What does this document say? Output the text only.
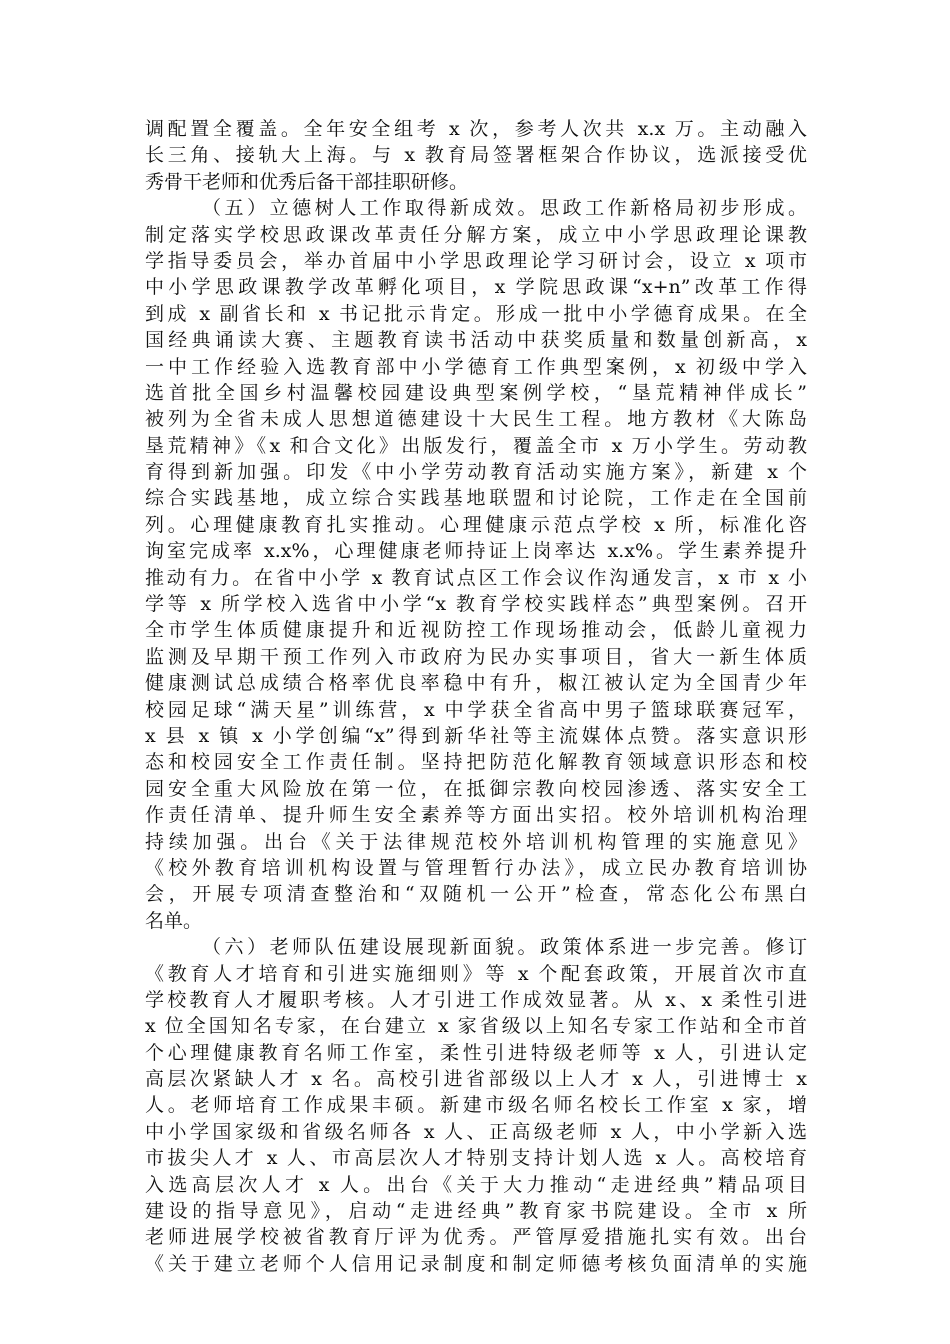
调配置全覆盖。全年安全组考 x 次，参考人次共 x.x 万。主动融入
长三角、接轨大上海。与 x 教育局签署框架合作协议，选派接受优
秀骨干老师和优秀后备干部挂职研修。
（五）立德树人工作取得新成效。思政工作新格局初步形成。
制定落实学校思政课改革责任分解方案，成立中小学思政理论课教
学指导委员会，举办首届中小学思政理论学习研讨会，设立 x 项市
中小学思政课教学改革孵化项目，x 学院思政课“x+n”改革工作得
到成 x 副省长和 x 书记批示肯定。形成一批中小学德育成果。在全
国经典诵读大赛、主题教育读书活动中获奖质量和数量创新高，x
一中工作经验入选教育部中小学德育工作典型案例，x 初级中学入
选首批全国乡村温馨校园建设典型案例学校，“垦荒精神伴成长”
被列为全省未成人思想道德建设十大民生工程。地方教材《大陈岛
垦荒精神》《x 和合文化》出版发行，覆盖全市 x 万小学生。劳动教
育得到新加强。印发《中小学劳动教育活动实施方案》，新建 x 个
综合实践基地，成立综合实践基地联盟和讨论院，工作走在全国前
列。心理健康教育扎实推动。心理健康示范点学校 x 所，标准化咨
询室完成率 x.x%，心理健康老师持证上岗率达 x.x%。学生素养提升
推动有力。在省中小学 x 教育试点区工作会议作沟通发言，x 市 x 小
学等 x 所学校入选省中小学“x 教育学校实践样态”典型案例。召开
全市学生体质健康提升和近视防控工作现场推动会，低龄儿童视力
监测及早期干预工作列入市政府为民办实事项目，省大一新生体质
健康测试总成绩合格率优良率稳中有升，椒江被认定为全国青少年
校园足球“满天星”训练营，x 中学获全省高中男子篮球联赛冠军，
x 县 x 镇 x 小学创编“x”得到新华社等主流媒体点赞。落实意识形
态和校园安全工作责任制。坚持把防范化解教育领域意识形态和校
园安全重大风险放在第一位，在抵御宗教向校园渗透、落实安全工
作责任清单、提升师生安全素养等方面出实招。校外培训机构治理
持续加强。出台《关于法律规范校外培训机构管理的实施意见》
《校外教育培训机构设置与管理暂行办法》，成立民办教育培训协
会，开展专项清查整治和“双随机一公开”检查，常态化公布黑白
名单。
（六）老师队伍建设展现新面貌。政策体系进一步完善。修订
《教育人才培育和引进实施细则》等 x 个配套政策，开展首次市直
学校教育人才履职考核。人才引进工作成效显著。从 x、x 柔性引进
x 位全国知名专家，在台建立 x 家省级以上知名专家工作站和全市首
个心理健康教育名师工作室，柔性引进特级老师等 x 人，引进认定
高层次紧缺人才 x 名。高校引进省部级以上人才 x 人，引进博士 x
人。老师培育工作成果丰硕。新建市级名师名校长工作室 x 家，增
中小学国家级和省级名师各 x 人、正高级老师 x 人，中小学新入选
市拔尖人才 x 人、市高层次人才特别支持计划人选 x 人。高校培育
入选高层次人才 x 人。出台《关于大力推动“走进经典”精品项目
建设的指导意见》，启动“走进经典”教育家书院建设。全市 x 所
老师进展学校被省教育厅评为优秀。严管厚爱措施扎实有效。出台
《关于建立老师个人信用记录制度和制定师德考核负面清单的实施
